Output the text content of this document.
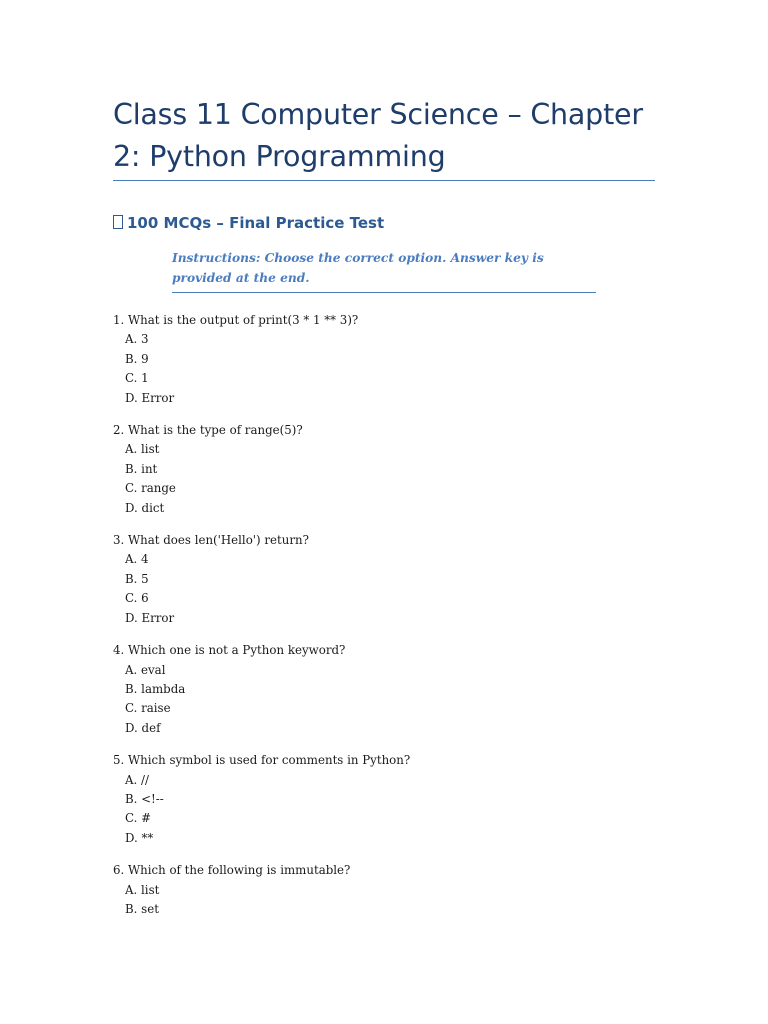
Class 11 Computer Science – Chapter 2: Python Programming
100 MCQs – Final Practice Test

Instructions: Choose the correct option. Answer key is provided at the end.

1. What is the output of print(3 * 1 ** 3)?

A. 3

B. 9

C. 1

D. Error

2. What is the type of range(5)?

A. list

B. int

C. range

D. dict

3. What does len('Hello') return?

A. 4

B. 5

C. 6

D. Error

4. Which one is not a Python keyword?

A. eval

B. lambda

C. raise

D. def

5. Which symbol is used for comments in Python?

A. //

B. <!--

C. #

D. **

6. Which of the following is immutable?

A. list

B. set
